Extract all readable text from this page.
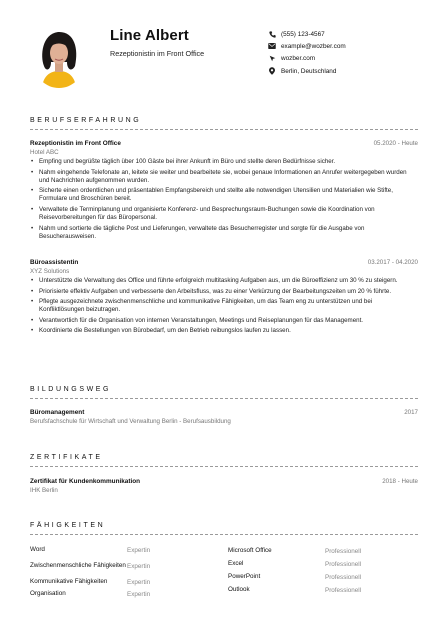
Line Albert
Rezeptionistin im Front Office
(555) 123-4567
example@wozber.com
wozber.com
Berlin, Deutschland
BERUFSERFAHRUNG
Rezeptionistin im Front Office	05.2020 - Heute
Hotel ABC
• Empfing und begrüßte täglich über 100 Gäste bei ihrer Ankunft im Büro und stellte deren Bedürfnisse sicher.
• Nahm eingehende Telefonate an, leitete sie weiter und bearbeitete sie, wobei genaue Informationen an Anrufer weitergegeben wurden und Nachrichten aufgenommen wurden.
• Sicherte einen ordentlichen und präsentablen Empfangsbereich und stellte alle notwendigen Utensilien und Materialien wie Stifte, Formulare und Broschüren bereit.
• Verwaltete die Terminplanung und organisierte Konferenz- und Besprechungsraum-Buchungen sowie die Koordination von Reisevorbereitungen für das Büropersonal.
• Nahm und sortierte die tägliche Post und Lieferungen, verwaltete das Besucherregister und sorgte für die Ausgabe von Besucherausweisen.
Büroassistentin	03.2017 - 04.2020
XYZ Solutions
• Unterstützte die Verwaltung des Office und führte erfolgreich multitasking Aufgaben aus, um die Büroeffizienz um 30 % zu steigern.
• Priorisierte effektiv Aufgaben und verbesserte den Arbeitsfluss, was zu einer Verkürzung der Bearbeitungszeiten um 20 % führte.
• Pflegte ausgezeichnete zwischenmenschliche und kommunikative Fähigkeiten, um das Team eng zu unterstützen und bei Konfliktlösungen beizutragen.
• Verantwortlich für die Organisation von internen Veranstaltungen, Meetings und Reiseplanungen für das Management.
• Koordinierte die Bestellungen von Bürobedarf, um den Betrieb reibungslos laufen zu lassen.
BILDUNGSWEG
Büromanagement	2017
Berufsfachschule für Wirtschaft und Verwaltung Berlin - Berufsausbildung
ZERTIFIKATE
Zertifikat für Kundenkommunikation	2018 - Heute
IHK Berlin
FÄHIGKEITEN
Word	Expertin
Zwischenmenschliche Fähigkeiten Expertin
Kommunikative Fähigkeiten	Expertin
Organisation	Expertin
Microsoft Office	Professionell
Excel	Professionell
PowerPoint	Professionell
Outlook	Professionell
